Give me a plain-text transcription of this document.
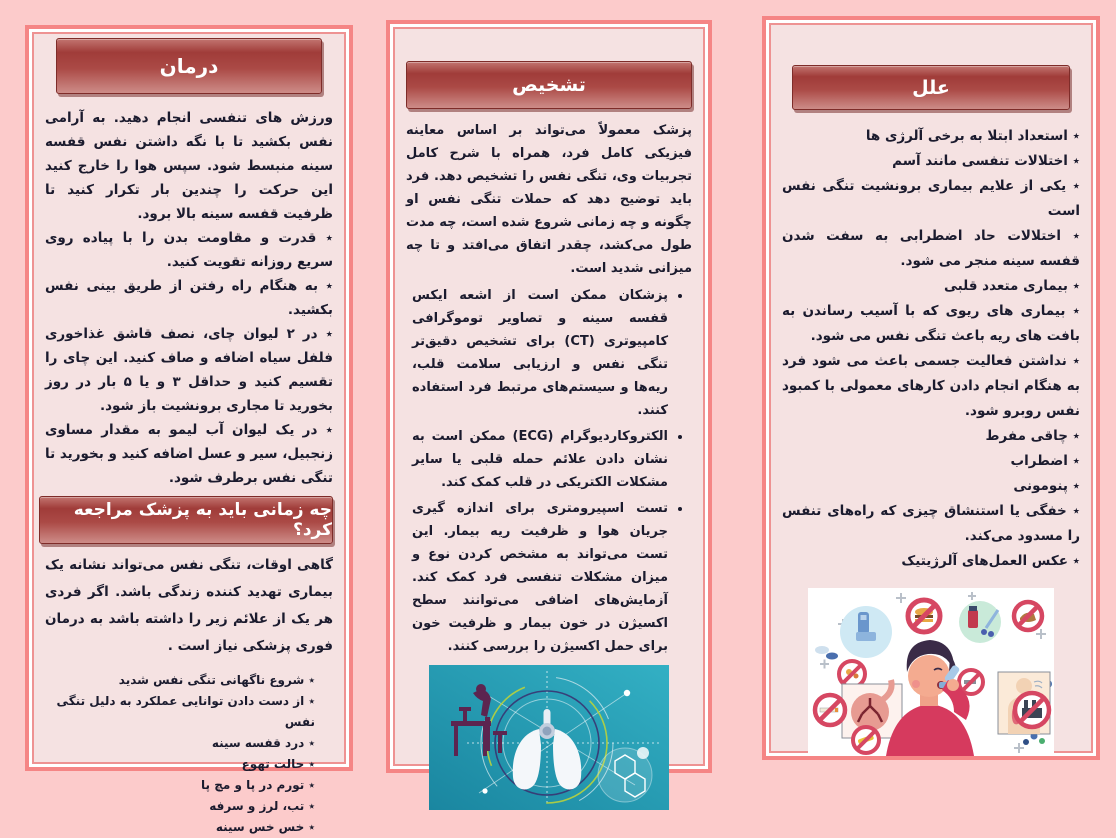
درمان

ورزش های تنفسی انجام دهید. به آرامی نفس بکشید تا با نگه داشتن نفس قفسه سینه منبسط شود. سپس هوا را خارج کنید این حرکت را چندین بار تکرار کنید تا ظرفیت قفسه سینه بالا برود.

٭ قدرت و مقاومت بدن را با پیاده روی سریع روزانه تقویت کنید.

٭ به هنگام راه رفتن از طریق بینی نفس بکشید.

٭ در ۲ لیوان چای، نصف قاشق غذاخوری فلفل سیاه اضافه و صاف کنید. این چای را تقسیم کنید و حداقل ۳ و یا ۵ بار در روز بخورید تا مجاری برونشیت باز شود.

٭ در یک لیوان آب لیمو به مقدار مساوی زنجبیل، سیر و عسل اضافه کنید و بخورید تا تنگی نفس برطرف شود.

چه زمانی باید به پزشک مراجعه کرد؟

گاهی اوقات، تنگی نفس می‌تواند نشانه یک بیماری تهدید کننده زندگی باشد. اگر فردی هر یک از علائم زیر را داشته باشد به درمان فوری پزشکی نیاز است .

٭ شروع ناگهانی تنگی نفس شدید
٭ از دست دادن توانایی عملکرد به دلیل تنگی نفس
٭ درد قفسه سینه
٭ حالت تهوع
٭ تورم در پا و مچ پا
٭ تب، لرز و سرفه
٭ خس خس سینه
تشخیص

پزشک معمولاً می‌تواند بر اساس معاینه فیزیکی کامل فرد، همراه با شرح کامل تجربیات وی، تنگی نفس را تشخیص دهد. فرد باید توضیح دهد که حملات تنگی نفس او چگونه و چه زمانی شروع شده است، چه مدت طول می‌کشد، چقدر اتفاق می‌افتد و تا چه میزانی شدید است.

• پزشکان ممکن است از اشعه ایکس قفسه سینه و تصاویر توموگرافی کامپیوتری (CT) برای تشخیص دقیق‌تر تنگی نفس و ارزیابی سلامت قلب، ریه‌ها و سیستم‌های مرتبط فرد استفاده کنند.
• الکتروکاردیوگرام (ECG) ممکن است به نشان دادن علائم حمله قلبی یا سایر مشکلات الکتریکی در قلب کمک کند.
• تست اسپیرومتری برای اندازه گیری جریان هوا و ظرفیت ریه بیمار. این تست می‌تواند به مشخص کردن نوع و میزان مشکلات تنفسی فرد کمک کند. آزمایش‌های اضافی می‌توانند سطح اکسیژن در خون بیمار و ظرفیت خون برای حمل اکسیژن را بررسی کنند.
علل
٭ استعداد ابتلا به برخی آلرژی ها
٭ اختلالات تنفسی مانند آسم
٭ یکی از علایم بیماری برونشیت تنگی نفس است
٭ اختلالات حاد اضطرابی به سفت شدن قفسه سینه منجر می شود.
٭ بیماری متعدد قلبی
٭ بیماری های ریوی که با آسیب رساندن به بافت های ریه باعث تنگی نفس می شود.
٭ نداشتن فعالیت جسمی باعث می شود فرد به هنگام انجام دادن کارهای معمولی با کمبود نفس روبرو شود.
٭ چاقی مفرط
٭ اضطراب
٭ پنومونی
٭ خفگی یا استنشاق چیزی که راه‌های تنفس را مسدود می‌کند.
٭ عکس العمل‌های آلرژیتیک
